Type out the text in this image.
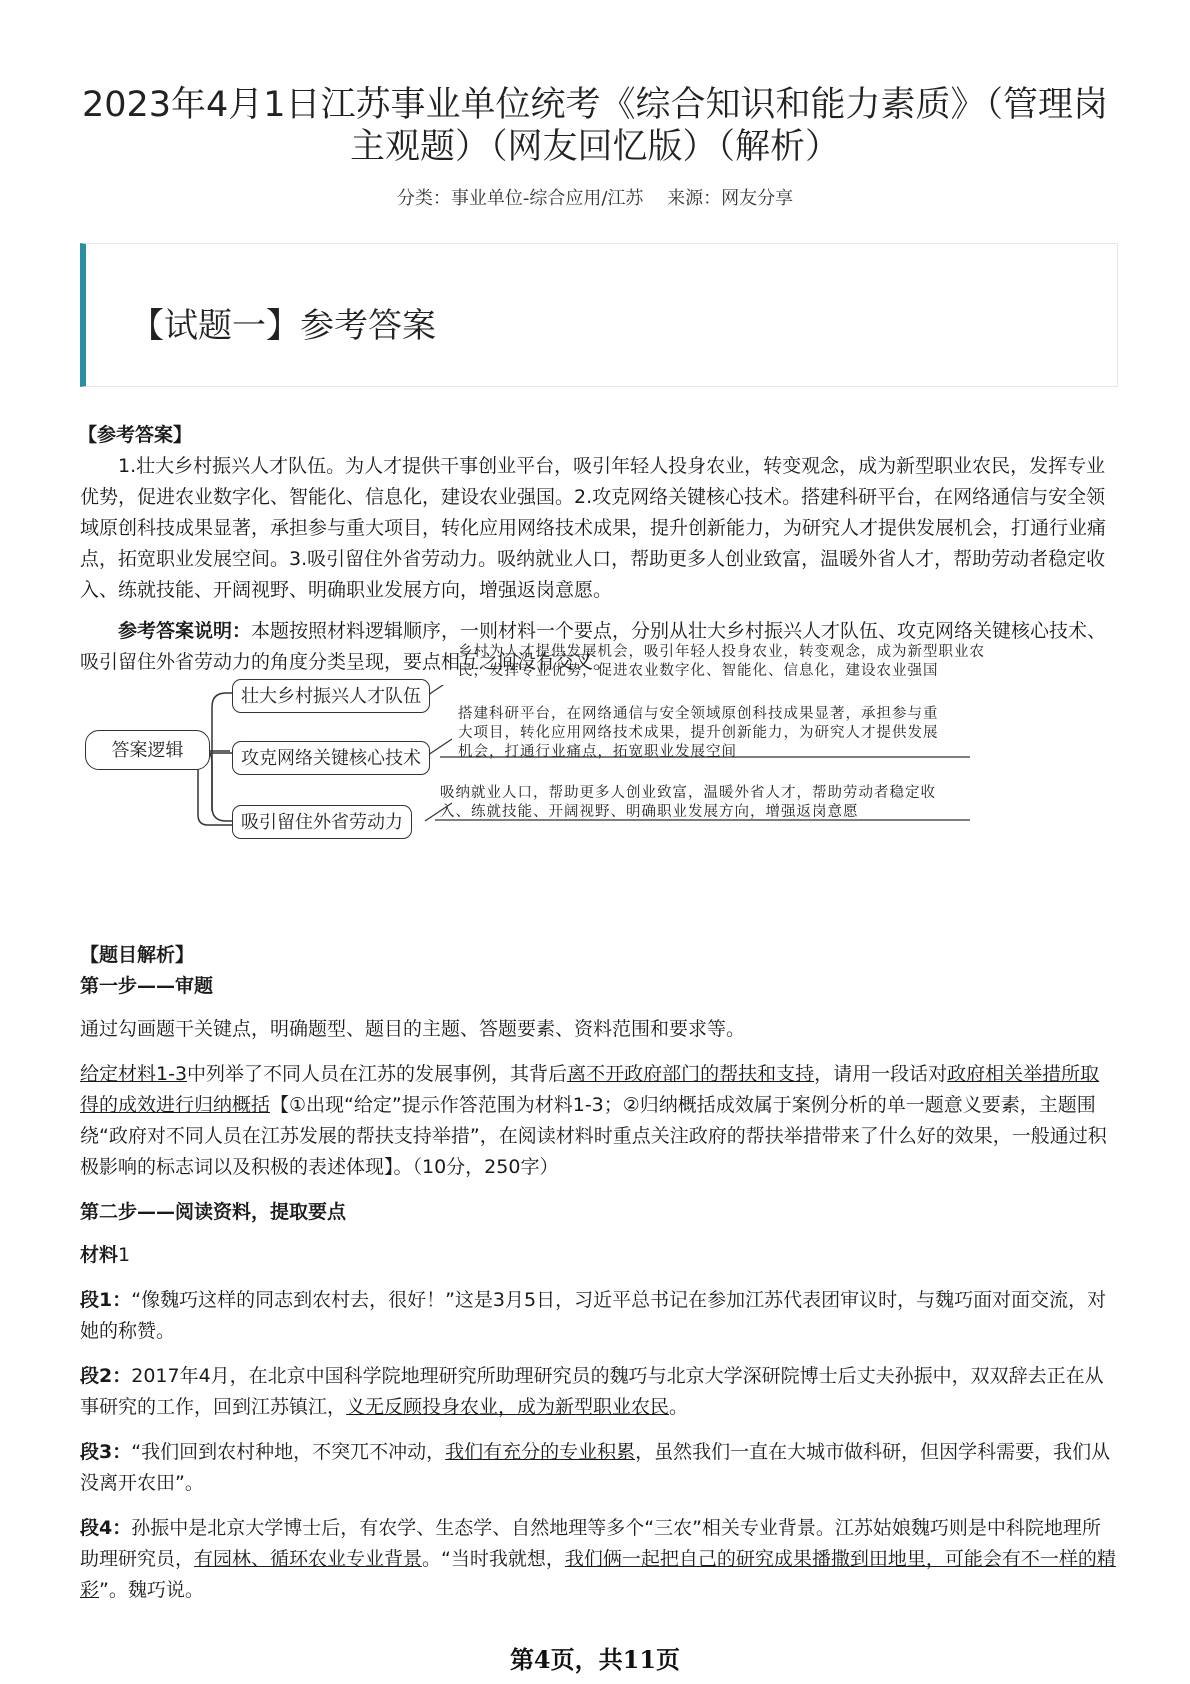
2023年4月1日江苏事业单位统考《综合知识和能力素质》（管理岗主观题）（网友回忆版）（解析）
分类：事业单位-综合应用/江苏 来源：网友分享
【试题一】参考答案

【参考答案】

1.壮大乡村振兴人才队伍。为人才提供干事创业平台，吸引年轻人投身农业，转变观念，成为新型职业农民，发挥专业优势，促进农业数字化、智能化、信息化，建设农业强国。2.攻克网络关键核心技术。搭建科研平台，在网络通信与安全领域原创科技成果显著，承担参与重大项目，转化应用网络技术成果，提升创新能力，为研究人才提供发展机会，打通行业痛点，拓宽职业发展空间。3.吸引留住外省劳动力。吸纳就业人口，帮助更多人创业致富，温暖外省人才，帮助劳动者稳定收入、练就技能、开阔视野、明确职业发展方向，增强返岗意愿。

参考答案说明：本题按照材料逻辑顺序，一则材料一个要点，分别从壮大乡村振兴人才队伍、攻克网络关键核心技术、吸引留住外省劳动力的角度分类呈现，要点相互之间没有交叉。

答案逻辑
壮大乡村振兴人才队伍
攻克网络关键核心技术
吸引留住外省劳动力
乡村为人才提供发展机会，吸引年轻人投身农业，转变观念，成为新型职业农
民，发挥专业优势，促进农业数字化、智能化、信息化，建设农业强国
搭建科研平台，在网络通信与安全领域原创科技成果显著，承担参与重
大项目，转化应用网络技术成果，提升创新能力，为研究人才提供发展
机会，打通行业痛点，拓宽职业发展空间
吸纳就业人口，帮助更多人创业致富，温暖外省人才，帮助劳动者稳定收
入、练就技能、开阔视野、明确职业发展方向，增强返岗意愿

【题目解析】

第一步——审题

通过勾画题干关键点，明确题型、题目的主题、答题要素、资料范围和要求等。

给定材料1-3中列举了不同人员在江苏的发展事例，其背后离不开政府部门的帮扶和支持，请用一段话对政府相关举措所取得的成效进行归纳概括【①出现“给定”提示作答范围为材料1-3；②归纳概括成效属于案例分析的单一题意义要素，主题围绕“政府对不同人员在江苏发展的帮扶支持举措”，在阅读材料时重点关注政府的帮扶举措带来了什么好的效果，一般通过积极影响的标志词以及积极的表述体现】。（10分，250字）

第二步——阅读资料，提取要点

材料1

段1：“像魏巧这样的同志到农村去，很好！”这是3月5日，习近平总书记在参加江苏代表团审议时，与魏巧面对面交流，对她的称赞。

段2：2017年4月，在北京中国科学院地理研究所助理研究员的魏巧与北京大学深研院博士后丈夫孙振中，双双辞去正在从事研究的工作，回到江苏镇江，义无反顾投身农业，成为新型职业农民。

段3：“我们回到农村种地，不突兀不冲动，我们有充分的专业积累，虽然我们一直在大城市做科研，但因学科需要，我们从没离开农田”。

段4：孙振中是北京大学博士后，有农学、生态学、自然地理等多个“三农”相关专业背景。江苏姑娘魏巧则是中科院地理所助理研究员，有园林、循环农业专业背景。“当时我就想，我们俩一起把自己的研究成果播撒到田地里，可能会有不一样的精彩”。魏巧说。

第4页，共11页
